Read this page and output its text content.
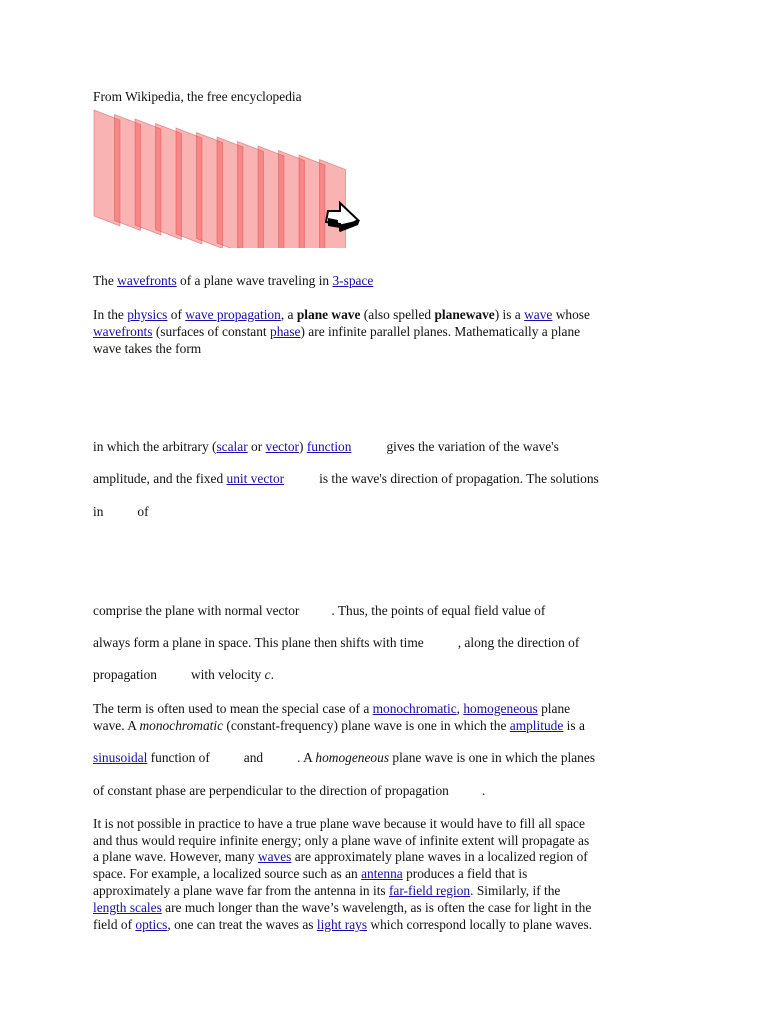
From Wikipedia, the free encyclopedia
The wavefronts of a plane wave traveling in 3-space
In the physics of wave propagation, a plane wave (also spelled planewave) is a wave whose
wavefronts (surfaces of constant phase) are infinite parallel planes. Mathematically a plane
wave takes the form
in which the arbitrary (scalar or vector) function	gives the variation of the wave's
amplitude, and the fixed unit vector	is the wave's direction of propagation. The solutions
in	of
comprise the plane with normal vector . Thus, the points of equal field value of
always form a plane in space. This plane then shifts with time	, along the direction of
propagation	with velocity c.
The term is often used to mean the special case of a monochromatic, homogeneous plane
wave. A monochromatic (constant-frequency) plane wave is one in which the amplitude is a
sinusoidal function of	and	. A homogeneous plane wave is one in which the planes
of constant phase are perpendicular to the direction of propagation .
It is not possible in practice to have a true plane wave because it would have to fill all space
and thus would require infinite energy; only a plane wave of infinite extent will propagate as
a plane wave. However, many waves are approximately plane waves in a localized region of
space. For example, a localized source such as an antenna produces a field that is
approximately a plane wave far from the antenna in its far-field region. Similarly, if the
length scales are much longer than the wave’s wavelength, as is often the case for light in the
field of optics, one can treat the waves as light rays which correspond locally to plane waves.
